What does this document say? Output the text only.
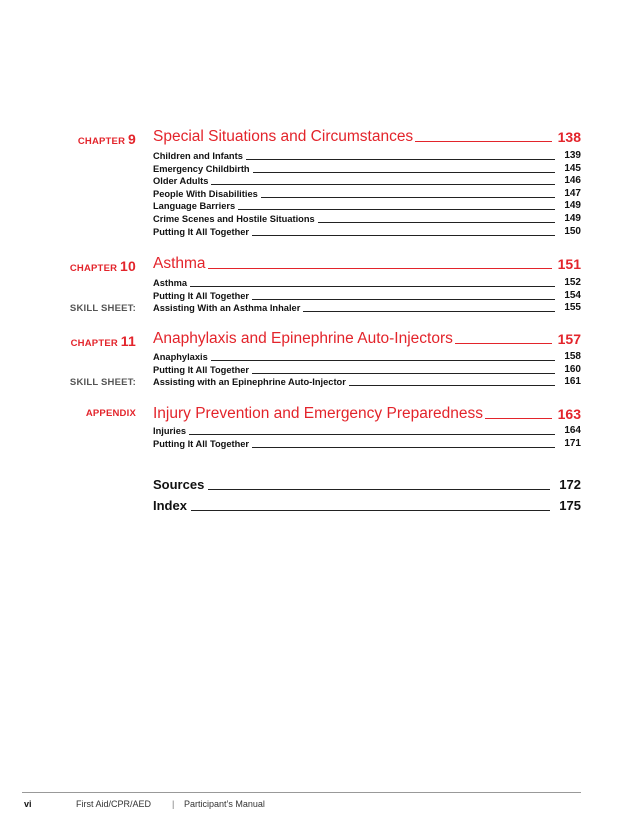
CHAPTER 9 Special Situations and Circumstances	138
Children and Infants	139
Emergency Childbirth	145
Older Adults	146
People With Disabilities	147
Language Barriers	149
Crime Scenes and Hostile Situations	149
Putting It All Together	150
CHAPTER 10 Asthma	151
Asthma	152
Putting It All Together	154
SKILL SHEET: Assisting With an Asthma Inhaler	155
CHAPTER 11 Anaphylaxis and Epinephrine Auto-Injectors	157
Anaphylaxis	158
Putting It All Together	160
SKILL SHEET: Assisting with an Epinephrine Auto-Injector	161
APPENDIX Injury Prevention and Emergency Preparedness	163
Injuries	164
Putting It All Together	171
Sources	172
Index	175
vi	First Aid/CPR/AED | Participant’s Manual
